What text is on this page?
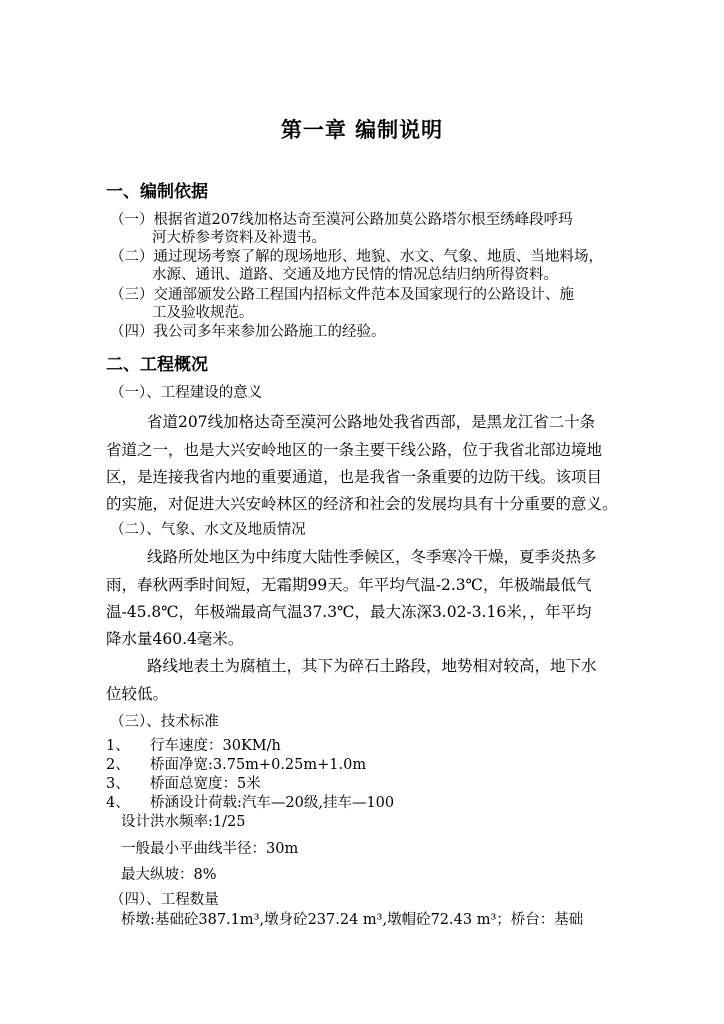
第一章 编制说明
一、编制依据
（一）根据省道207线加格达奇至漠河公路加莫公路塔尔根至绣峰段呼玛
河大桥参考资料及补遗书。
（二）通过现场考察了解的现场地形、地貌、水文、气象、地质、当地料场，
水源、通讯、道路、交通及地方民情的情况总结归纳所得资料。
（三）交通部颁发公路工程国内招标文件范本及国家现行的公路设计、施
工及验收规范。
（四）我公司多年来参加公路施工的经验。
二、工程概况
（一）、工程建设的意义
省道207线加格达奇至漠河公路地处我省西部，是黑龙江省二十条
省道之一，也是大兴安岭地区的一条主要干线公路，位于我省北部边境地
区，是连接我省内地的重要通道，也是我省一条重要的边防干线。该项目
的实施，对促进大兴安岭林区的经济和社会的发展均具有十分重要的意义。
（二）、气象、水文及地质情况
线路所处地区为中纬度大陆性季候区，冬季寒冷干燥，夏季炎热多
雨，春秋两季时间短，无霜期99天。年平均气温-2.3℃，年极端最低气
温-45.8℃，年极端最高气温37.3℃，最大冻深3.02-3.16米，，年平均
降水量460.4毫米。
路线地表土为腐植土，其下为碎石土路段，地势相对较高，地下水
位较低。
（三）、技术标准
1、 行车速度：30KM/h
2、 桥面净宽:3.75m+0.25m+1.0m
3、 桥面总宽度：5米
4、 桥涵设计荷载:汽车—20级,挂车—100
设计洪水频率:1/25
一般最小平曲线半径：30m
最大纵坡：8%
（四）、工程数量
桥墩:基础砼387.1m³,墩身砼237.24 m³,墩帽砼72.43 m³；桥台：基础
